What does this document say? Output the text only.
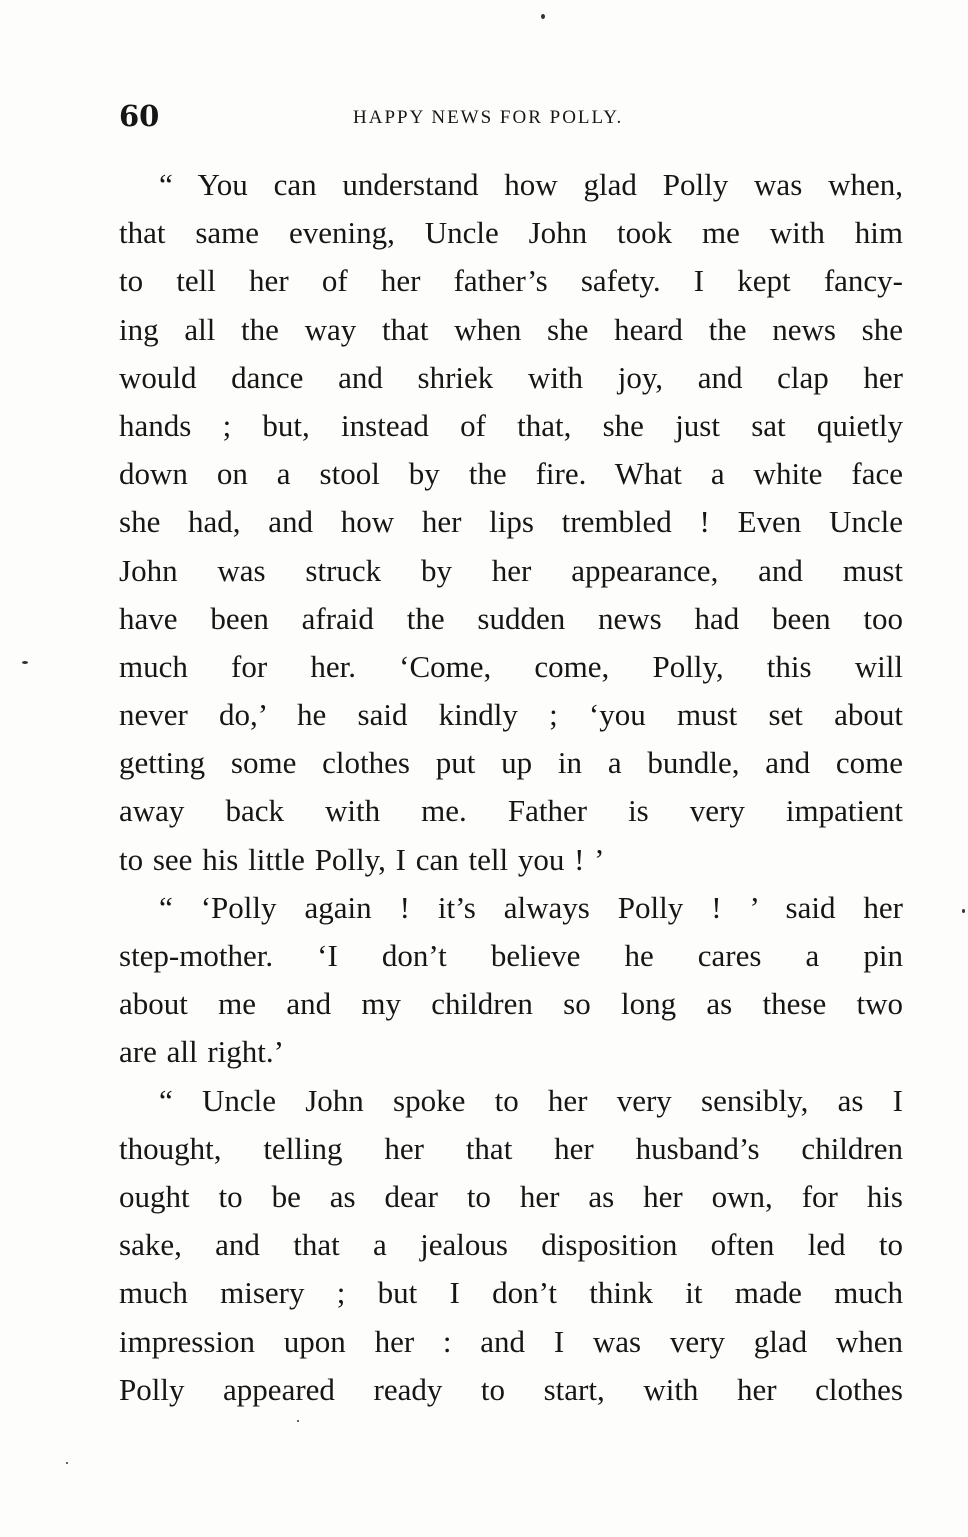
60	HAPPY NEWS FOR POLLY.
“ You can understand how glad Polly was when,
that same evening, Uncle John took me with him
to tell her of her father’s safety. I kept fancy-
ing all the way that when she heard the news she
would dance and shriek with joy, and clap her
hands ; but, instead of that, she just sat quietly
down on a stool by the fire. What a white face
she had, and how her lips trembled ! Even Uncle
John was struck by her appearance, and must
have been afraid the sudden news had been too
much for her. ‘Come, come, Polly, this will
never do,’ he said kindly ; ‘you must set about
getting some clothes put up in a bundle, and come
away back with me. Father is very impatient
to see his little Polly, I can tell you ! ’
“ ‘Polly again ! it’s always Polly ! ’ said her
step-mother. ‘I don’t believe he cares a pin
about me and my children so long as these two
are all right.’
“ Uncle John spoke to her very sensibly, as I
thought, telling her that her husband’s children
ought to be as dear to her as her own, for his
sake, and that a jealous disposition often led to
much misery ; but I don’t think it made much
impression upon her : and I was very glad when
Polly appeared ready to start, with her clothes
